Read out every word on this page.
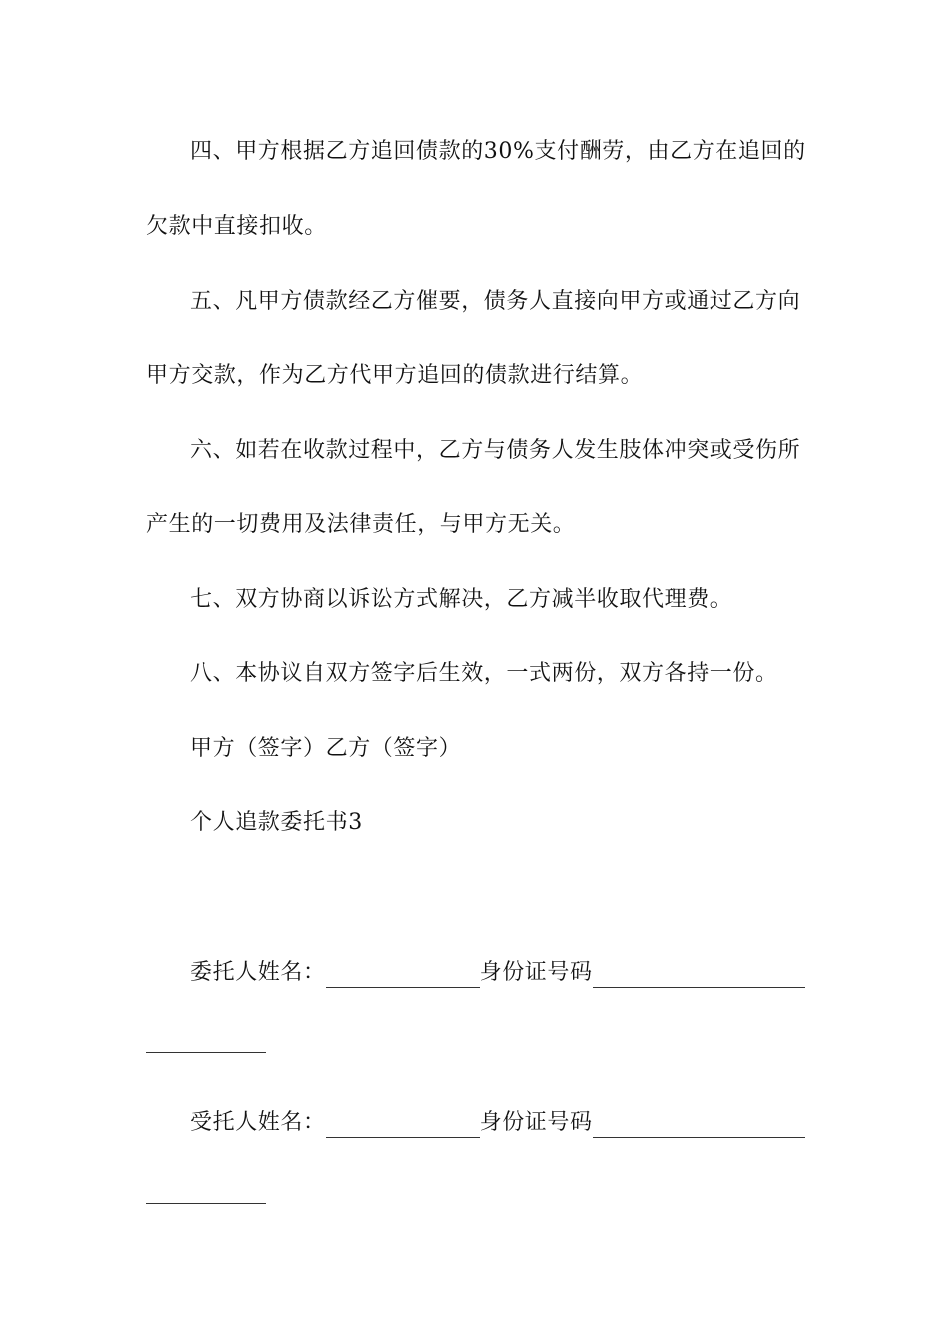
四、甲方根据乙方追回债款的30%支付酬劳，由乙方在追回的
欠款中直接扣收。
五、凡甲方债款经乙方催要，债务人直接向甲方或通过乙方向
甲方交款，作为乙方代甲方追回的债款进行结算。
六、如若在收款过程中，乙方与债务人发生肢体冲突或受伤所
产生的一切费用及法律责任，与甲方无关。
七、双方协商以诉讼方式解决，乙方减半收取代理费。
八、本协议自双方签字后生效，一式两份，双方各持一份。
甲方（签字）乙方（签字）
个人追款委托书3
委托人姓名：	身份证号码
受托人姓名：	身份证号码
